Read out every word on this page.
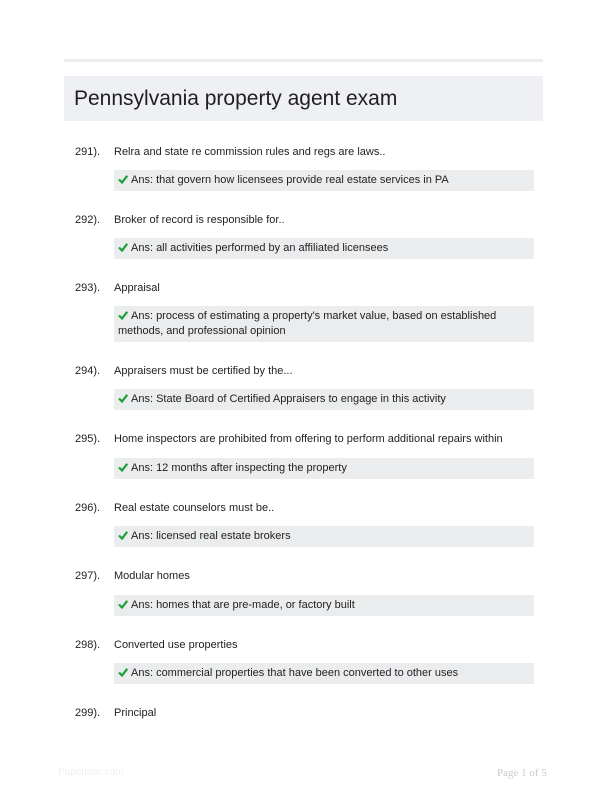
Pennsylvania property agent exam
291). Relra and state re commission rules and regs are laws..
Ans: that govern how licensees provide real estate services in PA
292). Broker of record is responsible for..
Ans: all activities performed by an affiliated licensees
293). Appraisal
Ans: process of estimating a property's market value, based on established methods, and professional opinion
294). Appraisers must be certified by the...
Ans: State Board of Certified Appraisers to engage in this activity
295). Home inspectors are prohibited from offering to perform additional repairs within
Ans: 12 months after inspecting the property
296). Real estate counselors must be..
Ans: licensed real estate brokers
297). Modular homes
Ans: homes that are pre-made, or factory built
298). Converted use properties
Ans: commercial properties that have been converted to other uses
299). Principal
Paperlibic.com	Page 1 of 5
